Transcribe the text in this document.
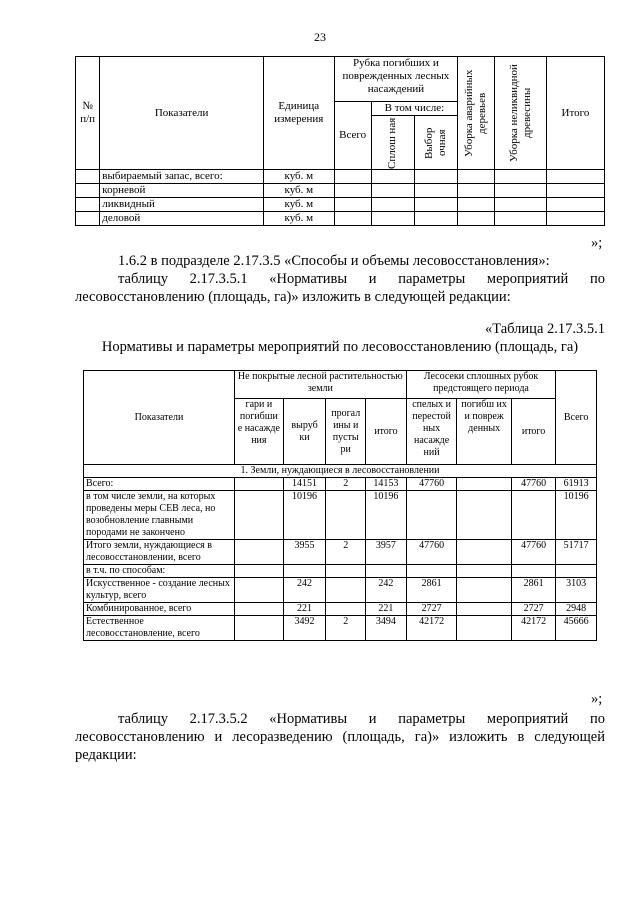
23
№ п/п	Показатели	Единица измерения	Рубка погибших и поврежденных лесных насаждений			Уборка аварийных деревьев	Уборка неликвидной древесины	Итого
			Всего	В том числе:				

				Сплош ная	Выбор очная			

	выбираемый запас, всего:	куб. м						
	корневой	куб. м						
	ликвидный	куб. м						
	деловой	куб. м						
»;
1.6.2 в подразделе 2.17.3.5 «Способы и объемы лесовосстановления»:
таблицу 2.17.3.5.1 «Нормативы и параметры мероприятий по
лесовосстановлению (площадь, га)» изложить в следующей редакции:
«Таблица 2.17.3.5.1
Нормативы и параметры мероприятий по лесовосстановлению (площадь, га)
Показатели	Не покрытые лесной растительностью земли				Лесосеки сплошных рубок предстоящего периода			Всего
	гари и погибши е насажде ния	выруб ки	прогал ины и пусты ри	итого	спелых и перестой ных насажде ний	погибш их и повреж денных	итого	
1. Земли, нуждающиеся в лесовосстановлении								
Всего:		14151	2	14153	47760		47760	61913
в том числе земли, на которых проведены меры СЕВ леса, но возобновление главными породами не закончено		10196		10196				10196
Итого земли, нуждающиеся в лесовосстановлении, всего		3955	2	3957	47760		47760	51717
в т.ч. по способам:								
Искусственное - создание лесных культур, всего		242		242	2861		2861	3103
Комбинированное, всего		221		221	2727		2727	2948
Естественное лесовосстановление, всего		3492	2	3494	42172		42172	45666
»;
таблицу 2.17.3.5.2 «Нормативы и параметры мероприятий по
лесовосстановлению и лесоразведению (площадь, га)» изложить в следующей
редакции:
